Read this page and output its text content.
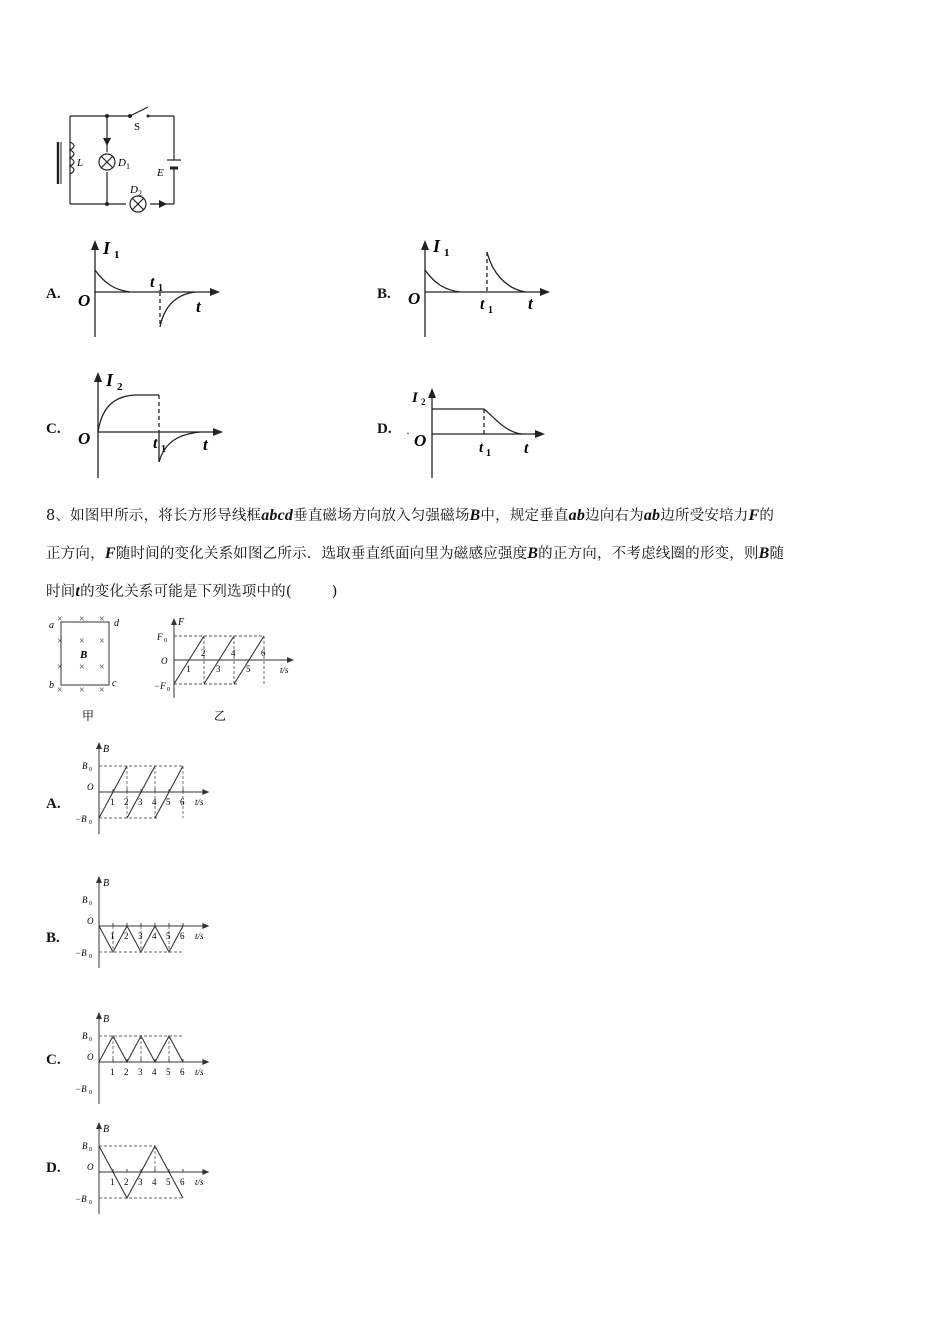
S
L	D 1
D 2
E
A.
I 1
O
t 1
t
B.
I 1
O	t 1 t
C.
I 2
O	t 1 t
D. ·
I 2
O	t 1 t
8、如图甲所示，将长方形导线框abcd垂直磁场方向放入匀强磁场B中，规定垂直ab边向右为ab边所受安培力F的
正方向，F随时间的变化关系如图乙所示．选取垂直纸面向里为磁感应强度B的正方向，不考虑线圈的形变，则B随
时间t的变化关系可能是下列选项中的(	)
× × ×
× × ×
× × ×
× × ×
a	d
b	c
B
甲
F
F 0
−F 0
O
1
2
3
4
5
6
t/s
乙
A.
B
B 0
−B 0
O
1 2 3 4 5 6 t/s
B.
B
B 0
−B 0
O
1 2 3 4 5 6 t/s
C.
B
B 0
−B 0
O
1 2 3 4 5 6 t/s
D.
B
B 0
−B 0
O
1 2 3 4 5 6 t/s
